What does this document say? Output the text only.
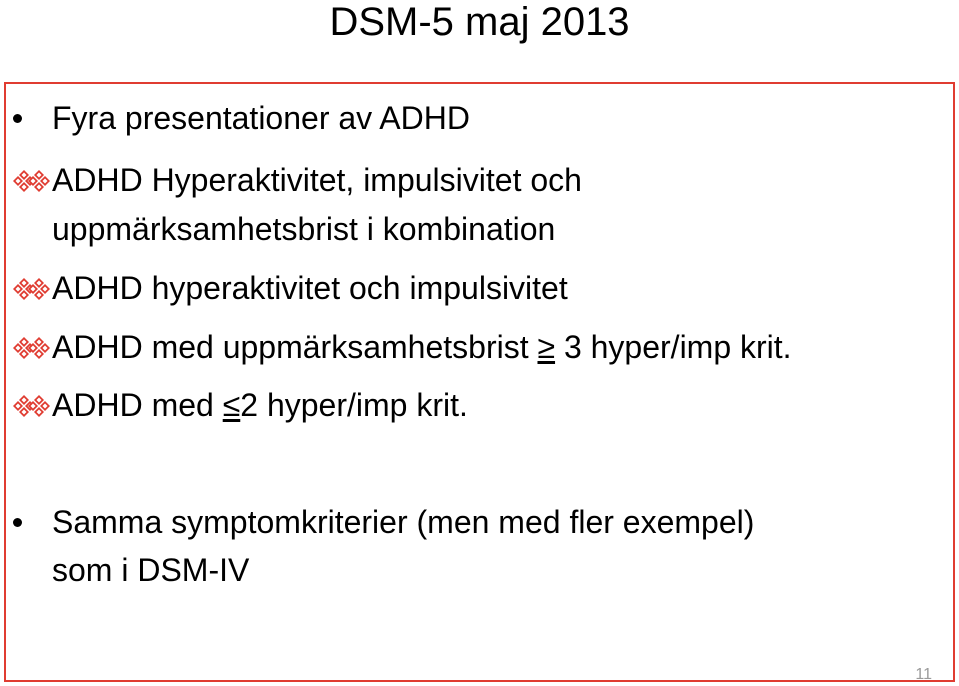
DSM-5 maj 2013
Fyra presentationer av ADHD
ADHD Hyperaktivitet, impulsivitet och
uppmärksamhetsbrist i kombination
ADHD hyperaktivitet och impulsivitet
ADHD med uppmärksamhetsbrist ≥ 3 hyper/imp krit.
ADHD med ≤2 hyper/imp krit.
Samma symptomkriterier (men med fler exempel)
som i DSM-IV
11
